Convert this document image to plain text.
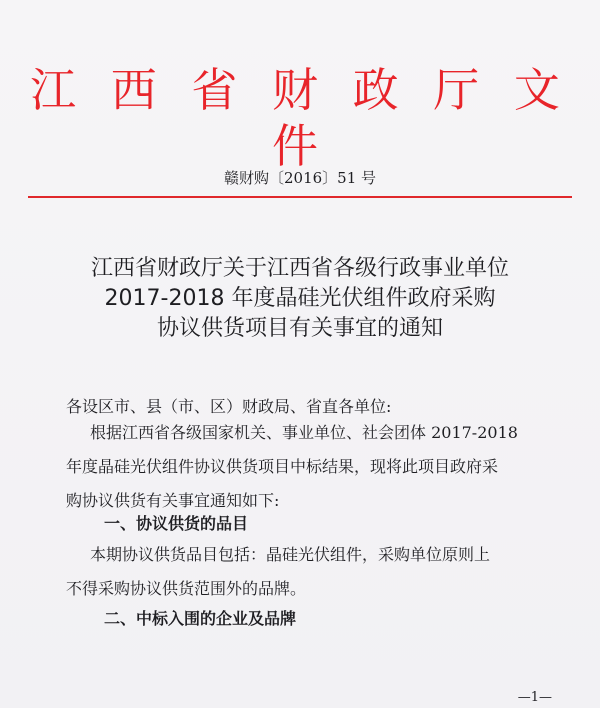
江 西 省 财 政 厅 文 件
赣财购〔2016〕51 号
江西省财政厅关于江西省各级行政事业单位
2017-2018 年度晶硅光伏组件政府采购
协议供货项目有关事宜的通知
各设区市、县（市、区）财政局、省直各单位:
根据江西省各级国家机关、事业单位、社会团体 2017-2018
年度晶硅光伏组件协议供货项目中标结果，现将此项目政府采
购协议供货有关事宜通知如下:
一、协议供货的品目
本期协议供货品目包括：晶硅光伏组件，采购单位原则上
不得采购协议供货范围外的品牌。
二、中标入围的企业及品牌
—1—
